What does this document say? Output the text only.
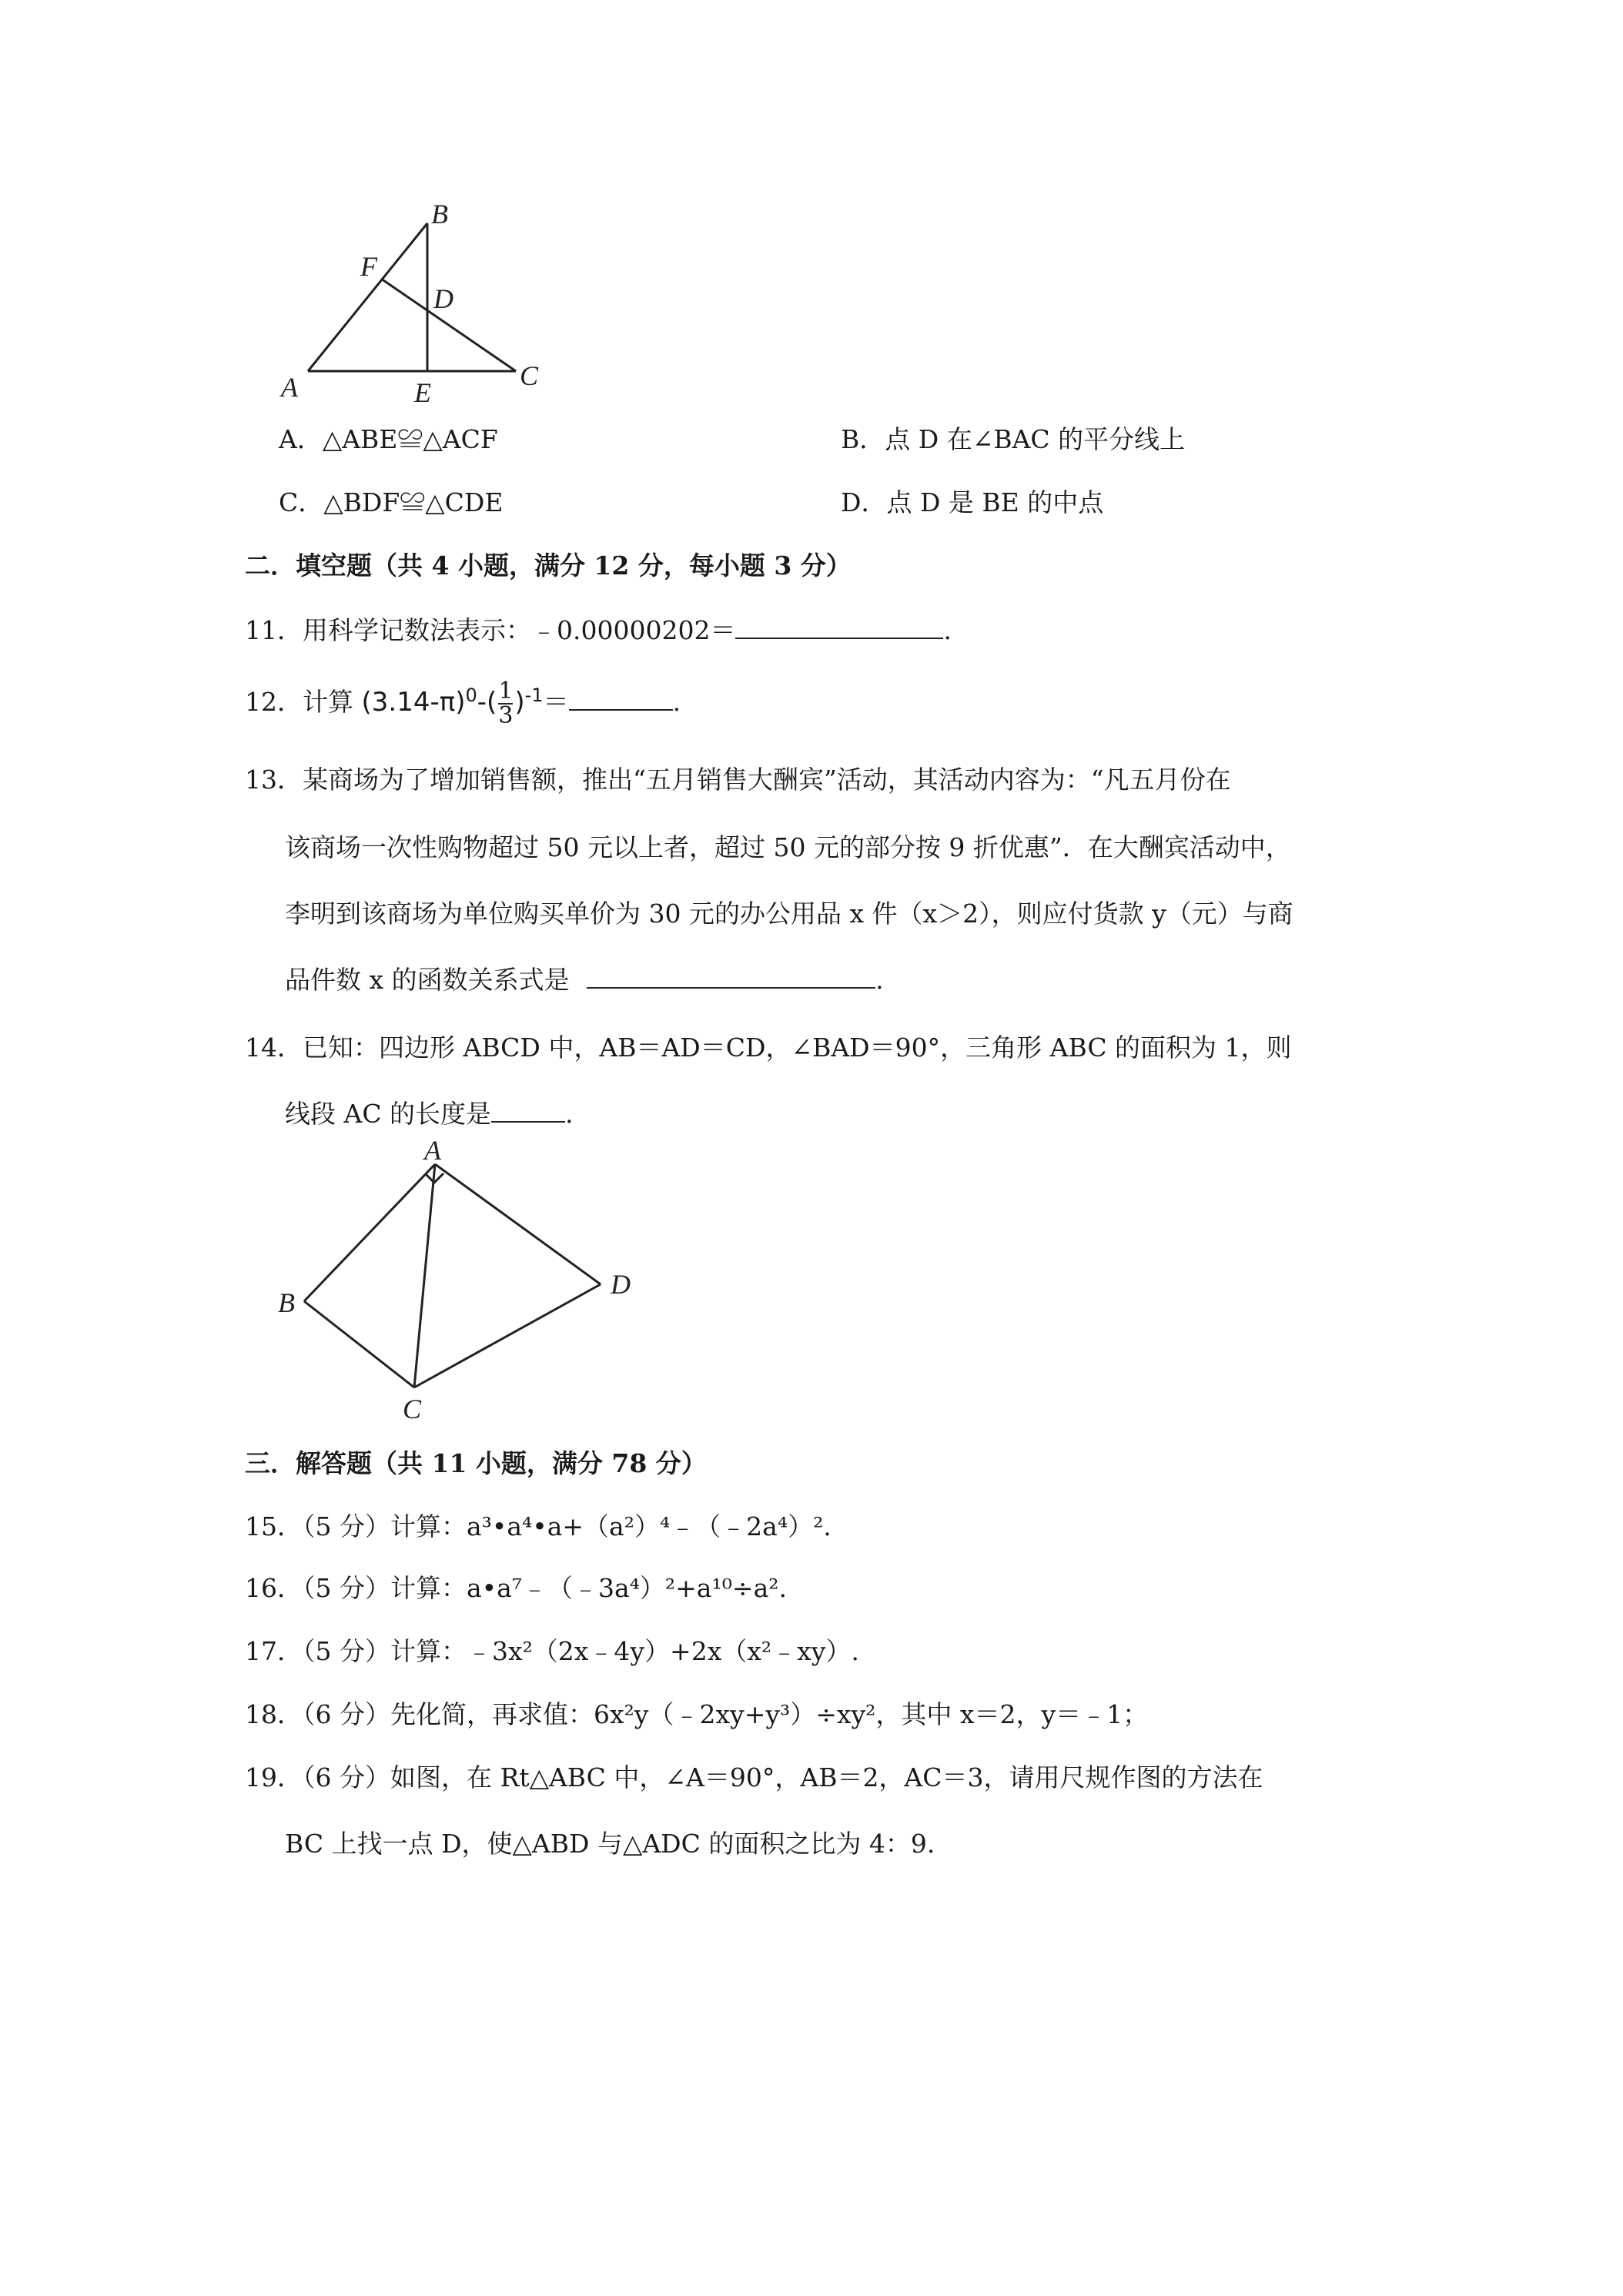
B
F
D
A	E
C
A．△ABE≌△ACF	B．点 D 在∠BAC 的平分线上
C．△BDF≌△CDE	D．点 D 是 BE 的中点
二．填空题（共 4 小题，满分 12 分，每小题 3 分）
11．用科学记数法表示：﹣0.00000202＝	.
12．计算 $(3.14-\pi)^0-( \frac{1}{3} )^{-1}=$	.
13．某商场为了增加销售额，推出“五月销售大酬宾”活动，其活动内容为：“凡五月份在
该商场一次性购物超过 50 元以上者，超过 50 元的部分按 9 折优惠”．在大酬宾活动中，
李明到该商场为单位购买单价为 30 元的办公用品 x 件（x＞2），则应付货款 y（元）与商
品件数 x 的函数关系式是	.
14．已知：四边形 ABCD 中，AB＝AD＝CD，∠BAD＝90°，三角形 ABC 的面积为 1，则
线段 AC 的长度是	.
A
B
D
C
三．解答题（共 11 小题，满分 78 分）
15．（5 分）计算：a³•a⁴•a+（a²）⁴﹣（﹣2a⁴）².
16．（5 分）计算：a•a⁷﹣（﹣3a⁴）²+a¹⁰÷a².
17．（5 分）计算：﹣3x²（2x﹣4y）+2x（x²﹣xy）.
18．（6 分）先化简，再求值：6x²y（﹣2xy+y³）÷xy²，其中 x＝2，y＝﹣1；
19．（6 分）如图，在 Rt△ABC 中，∠A＝90°，AB＝2，AC＝3，请用尺规作图的方法在
BC 上找一点 D，使△ABD 与△ADC 的面积之比为 4：9.
